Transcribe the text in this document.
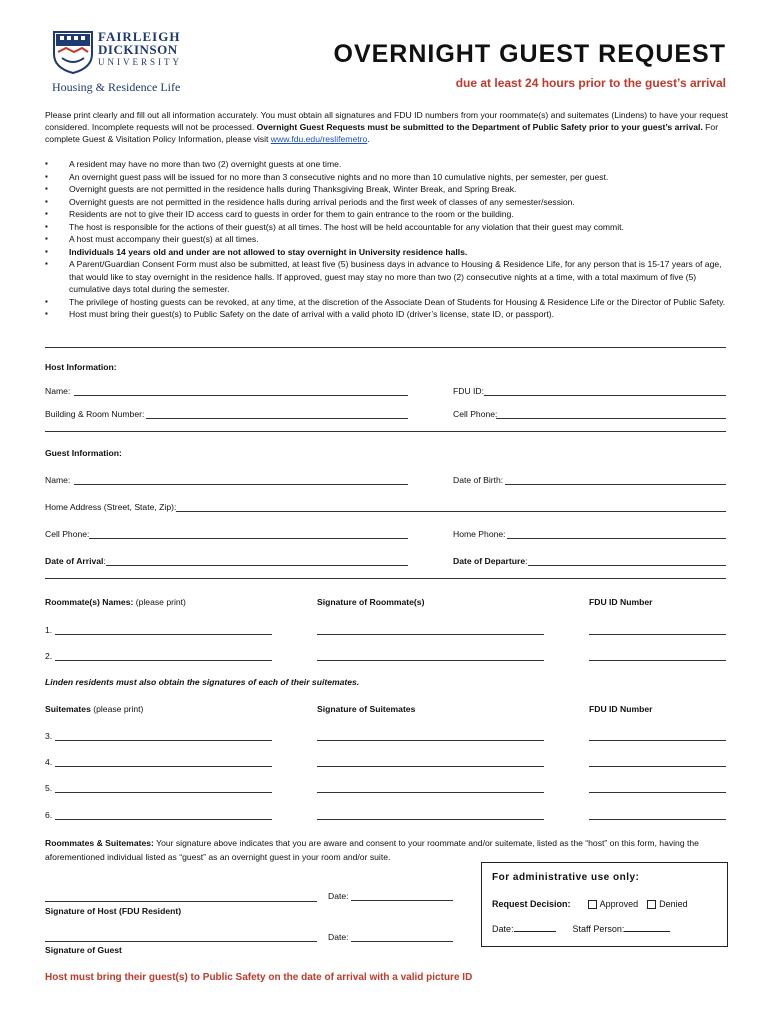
FAIRLEIGH
DICKINSON
UNIVERSITY
Housing & Residence Life
OVERNIGHT GUEST REQUEST
due at least 24 hours prior to the guest’s arrival
Please print clearly and fill out all information accurately. You must obtain all signatures and FDU ID numbers from your roommate(s) and suitemates (Lindens) to have your request considered. Incomplete requests will not be processed. Overnight Guest Requests must be submitted to the Department of Public Safety prior to your guest’s arrival. For complete Guest & Visitation Policy Information, please visit www.fdu.edu/reslifemetro.
▪ A resident may have no more than two (2) overnight guests at one time.
▪ An overnight guest pass will be issued for no more than 3 consecutive nights and no more than 10 cumulative nights, per semester, per guest.
▪ Overnight guests are not permitted in the residence halls during Thanksgiving Break, Winter Break, and Spring Break.
▪ Overnight guests are not permitted in the residence halls during arrival periods and the first week of classes of any semester/session.
▪ Residents are not to give their ID access card to guests in order for them to gain entrance to the room or the building.
▪ The host is responsible for the actions of their guest(s) at all times. The host will be held accountable for any violation that their guest may commit.
▪ A host must accompany their guest(s) at all times.
▪ Individuals 14 years old and under are not allowed to stay overnight in University residence halls.
▪ A Parent/Guardian Consent Form must also be submitted, at least five (5) business days in advance to Housing & Residence Life, for any person that is 15-17 years of age, that would like to stay overnight in the residence halls. If approved, guest may stay no more than two (2) consecutive nights at a time, with a total maximum of five (5) cumulative days total during the semester.
▪ The privilege of hosting guests can be revoked, at any time, at the discretion of the Associate Dean of Students for Housing & Residence Life or the Director of Public Safety.
▪ Host must bring their guest(s) to Public Safety on the date of arrival with a valid photo ID (driver’s license, state ID, or passport).
Host Information:
Name:	FDU ID:
Building & Room Number:	Cell Phone:
Guest Information:
Name:	Date of Birth:
Home Address (Street, State, Zip):
Cell Phone:	Home Phone:
Date of Arrival:	Date of Departure:
Roommate(s) Names: (please print)	Signature of Roommate(s)	FDU ID Number
1.
2.
Linden residents must also obtain the signatures of each of their suitemates.
Suitemates (please print)	Signature of Suitemates	FDU ID Number
3.
4.
5.
6.
Roommates & Suitemates: Your signature above indicates that you are aware and consent to your roommate and/or suitemate, listed as the “host” on this form, having the aforementioned individual listed as “guest” as an overnight guest in your room and/or suite.
Signature of Host (FDU Resident)
Date:
Signature of Guest
Date:
For administrative use only:
Request Decision:	Approved Denied
Date:	Staff Person:
Host must bring their guest(s) to Public Safety on the date of arrival with a valid picture ID
